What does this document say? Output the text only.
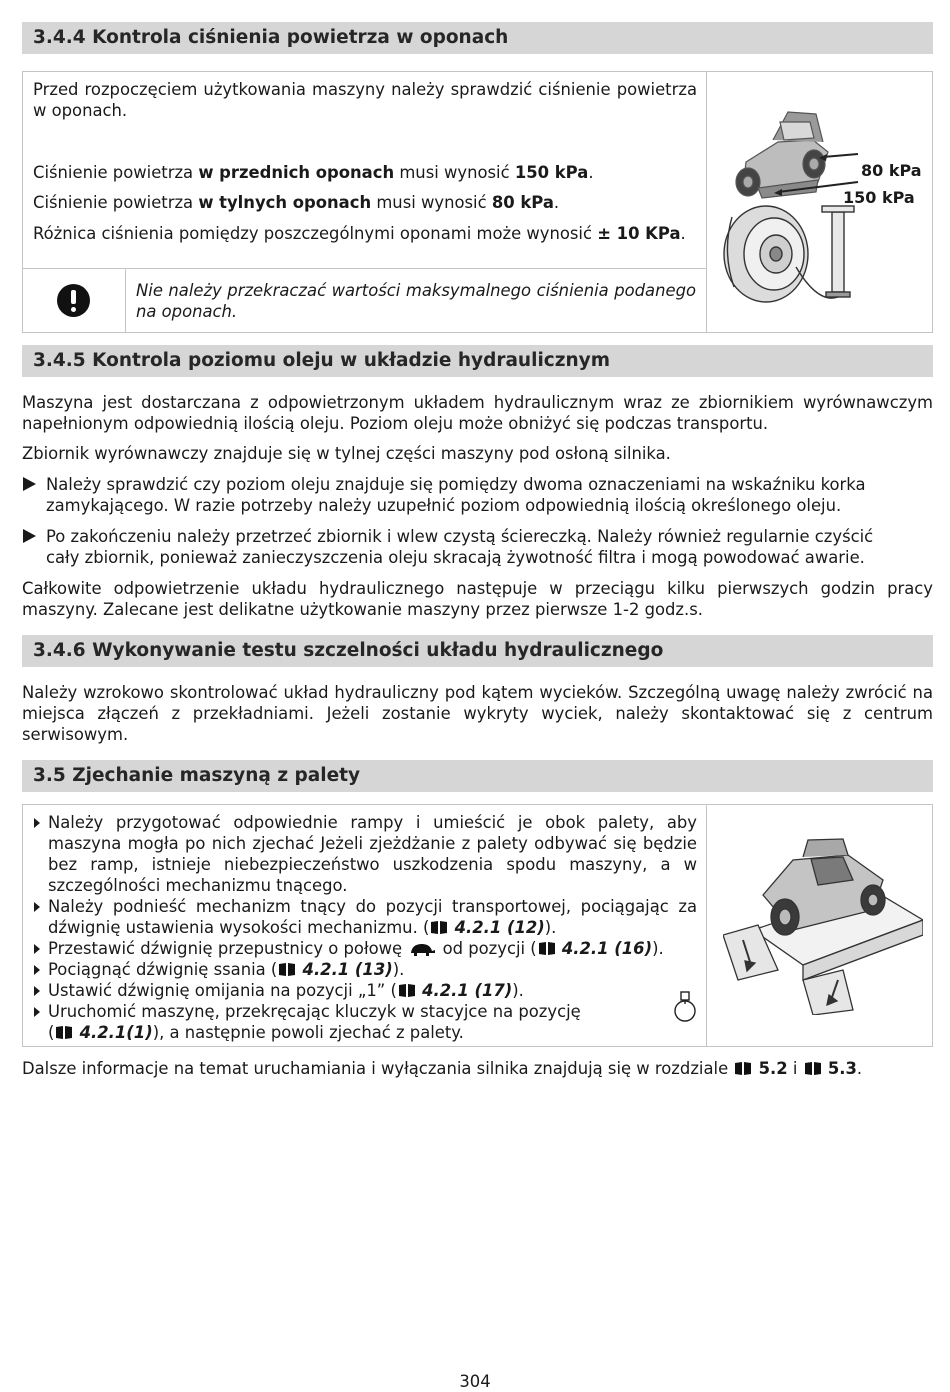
3.4.4 Kontrola ciśnienia powietrza w oponach
Przed rozpoczęciem użytkowania maszyny należy sprawdzić ciśnienie powietrza w oponach.
Ciśnienie powietrza w przednich oponach musi wynosić 150 kPa.
Ciśnienie powietrza w tylnych oponach musi wynosić 80 kPa.
Różnica ciśnienia pomiędzy poszczególnymi oponami może wynosić ± 10 KPa.
Nie należy przekraczać wartości maksymalnego ciśnienia podanego na oponach.
80 kPa
150 kPa
3.4.5 Kontrola poziomu oleju w układzie hydraulicznym
Maszyna jest dostarczana z odpowietrzonym układem hydraulicznym wraz ze zbiornikiem wyrównawczym napełnionym odpowiednią ilością oleju. Poziom oleju może obniżyć się podczas transportu.
Zbiornik wyrównawczy znajduje się w tylnej części maszyny pod osłoną silnika.
Należy sprawdzić czy poziom oleju znajduje się pomiędzy dwoma oznaczeniami na wskaźniku korka
zamykającego. W razie potrzeby należy uzupełnić poziom odpowiednią ilością określonego oleju.
Po zakończeniu należy przetrzeć zbiornik i wlew czystą ściereczką. Należy również regularnie czyścić
cały zbiornik, ponieważ zanieczyszczenia oleju skracają żywotność filtra i mogą powodować awarie.
Całkowite odpowietrzenie układu hydraulicznego następuje w przeciągu kilku pierwszych godzin pracy maszyny. Zalecane jest delikatne użytkowanie maszyny przez pierwsze 1-2 godz.s.
3.4.6 Wykonywanie testu szczelności układu hydraulicznego
Należy wzrokowo skontrolować układ hydrauliczny pod kątem wycieków. Szczególną uwagę należy zwrócić na miejsca złączeń z przekładniami. Jeżeli zostanie wykryty wyciek, należy skontaktować się z centrum serwisowym.
3.5 Zjechanie maszyną z palety
Należy przygotować odpowiednie rampy i umieścić je obok palety, aby maszyna mogła po nich zjechać Jeżeli zjeżdżanie z palety odbywać się będzie bez ramp, istnieje niebezpieczeństwo uszkodzenia spodu maszyny, a w szczególności mechanizmu tnącego.
Należy podnieść mechanizm tnący do pozycji transportowej, pociągając za dźwignię ustawienia wysokości mechanizmu. ( 4.2.1 (12)).
Przestawić dźwignię przepustnicy o połowę od pozycji ( 4.2.1 (16)).
Pociągnąć dźwignię ssania ( 4.2.1 (13)).
Ustawić dźwignię omijania na pozycji „1” ( 4.2.1 (17)).
Uruchomić maszynę, przekręcając kluczyk w stacyjce na pozycję
( 4.2.1(1)), a następnie powoli zjechać z palety.
Dalsze informacje na temat uruchamiania i wyłączania silnika znajdują się w rozdziale 5.2 i 5.3.
304
